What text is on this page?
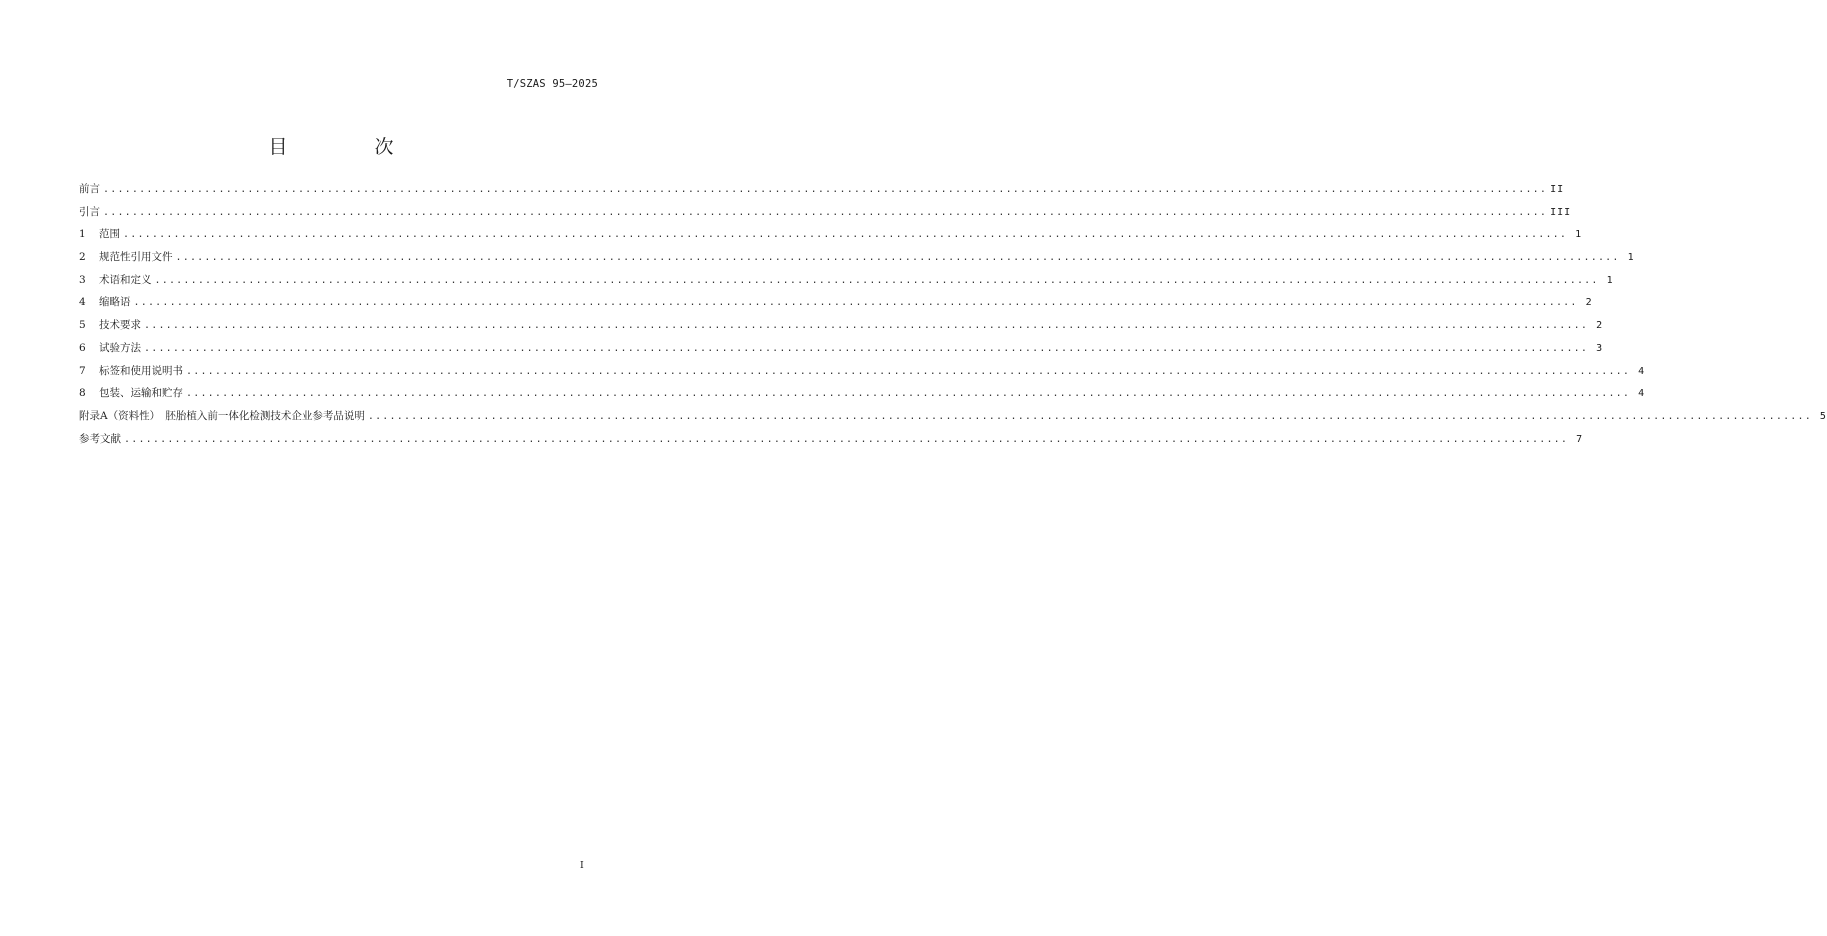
T/SZAS 95—2025
目　次
前言 ........................................................................................................................................................................................................ II
引言 ........................................................................................................................................................................................................ III
1 范围 ........................................................................................................................................................................................................ 1
2 规范性引用文件 ........................................................................................................................................................................................................ 1
3 术语和定义 ........................................................................................................................................................................................................ 1
4 缩略语 ........................................................................................................................................................................................................ 2
5 技术要求 ........................................................................................................................................................................................................ 2
6 试验方法 ........................................................................................................................................................................................................ 3
7 标签和使用说明书 ........................................................................................................................................................................................................ 4
8 包装、运输和贮存 ........................................................................................................................................................................................................ 4
附录A（资料性）　胚胎植入前一体化检测技术企业参考品说明 ........................................................................................................................................................................................................ 5
参考文献 ........................................................................................................................................................................................................ 7
I
